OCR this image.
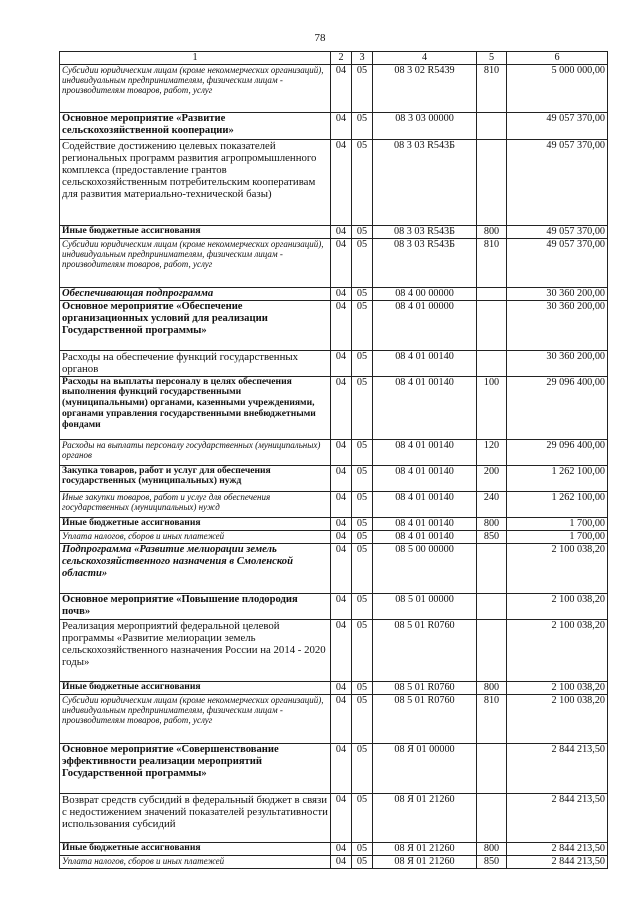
78
1	2	3	4	5	6
Субсидии юридическим лицам (кроме некоммерческих организаций), индивидуальным предпринимателям, физическим лицам - производителям товаров, работ, услуг	04	05	08 3 02 R5439	810	5 000 000,00
Основное мероприятие «Развитие сельскохозяйственной кооперации»	04	05	08 3 03 00000		49 057 370,00
Содействие достижению целевых показателей региональных программ развития агропромышленного комплекса (предоставление грантов сельскохозяйственным потребительским кооперативам для развития материально-технической базы)	04	05	08 3 03 R543Б		49 057 370,00
Иные бюджетные ассигнования	04	05	08 3 03 R543Б	800	49 057 370,00
Субсидии юридическим лицам (кроме некоммерческих организаций), индивидуальным предпринимателям, физическим лицам - производителям товаров, работ, услуг	04	05	08 3 03 R543Б	810	49 057 370,00
Обеспечивающая подпрограмма	04	05	08 4 00 00000		30 360 200,00
Основное мероприятие «Обеспечение организационных условий для реализации Государственной программы»	04	05	08 4 01 00000		30 360 200,00
Расходы на обеспечение функций государственных органов	04	05	08 4 01 00140		30 360 200,00
Расходы на выплаты персоналу в целях обеспечения выполнения функций государственными (муниципальными) органами, казенными учреждениями, органами управления государственными внебюджетными фондами	04	05	08 4 01 00140	100	29 096 400,00
Расходы на выплаты персоналу государственных (муниципальных) органов	04	05	08 4 01 00140	120	29 096 400,00
Закупка товаров, работ и услуг для обеспечения государственных (муниципальных) нужд	04	05	08 4 01 00140	200	1 262 100,00
Иные закупки товаров, работ и услуг для обеспечения государственных (муниципальных) нужд	04	05	08 4 01 00140	240	1 262 100,00
Иные бюджетные ассигнования	04	05	08 4 01 00140	800	1 700,00
Уплата налогов, сборов и иных платежей	04	05	08 4 01 00140	850	1 700,00
Подпрограмма «Развитие мелиорации земель сельскохозяйственного назначения в Смоленской области»	04	05	08 5 00 00000		2 100 038,20
Основное мероприятие «Повышение плодородия почв»	04	05	08 5 01 00000		2 100 038,20
Реализация мероприятий федеральной целевой программы «Развитие мелиорации земель сельскохозяйственного назначения России на 2014 - 2020 годы»	04	05	08 5 01 R0760		2 100 038,20
Иные бюджетные ассигнования	04	05	08 5 01 R0760	800	2 100 038,20
Субсидии юридическим лицам (кроме некоммерческих организаций), индивидуальным предпринимателям, физическим лицам - производителям товаров, работ, услуг	04	05	08 5 01 R0760	810	2 100 038,20
Основное мероприятие «Совершенствование эффективности реализации мероприятий Государственной программы»	04	05	08 Я 01 00000		2 844 213,50
Возврат средств субсидий в федеральный бюджет в связи с недостижением значений показателей результативности использования субсидий	04	05	08 Я 01 21260		2 844 213,50
Иные бюджетные ассигнования	04	05	08 Я 01 21260	800	2 844 213,50
Уплата налогов, сборов и иных платежей	04	05	08 Я 01 21260	850	2 844 213,50
